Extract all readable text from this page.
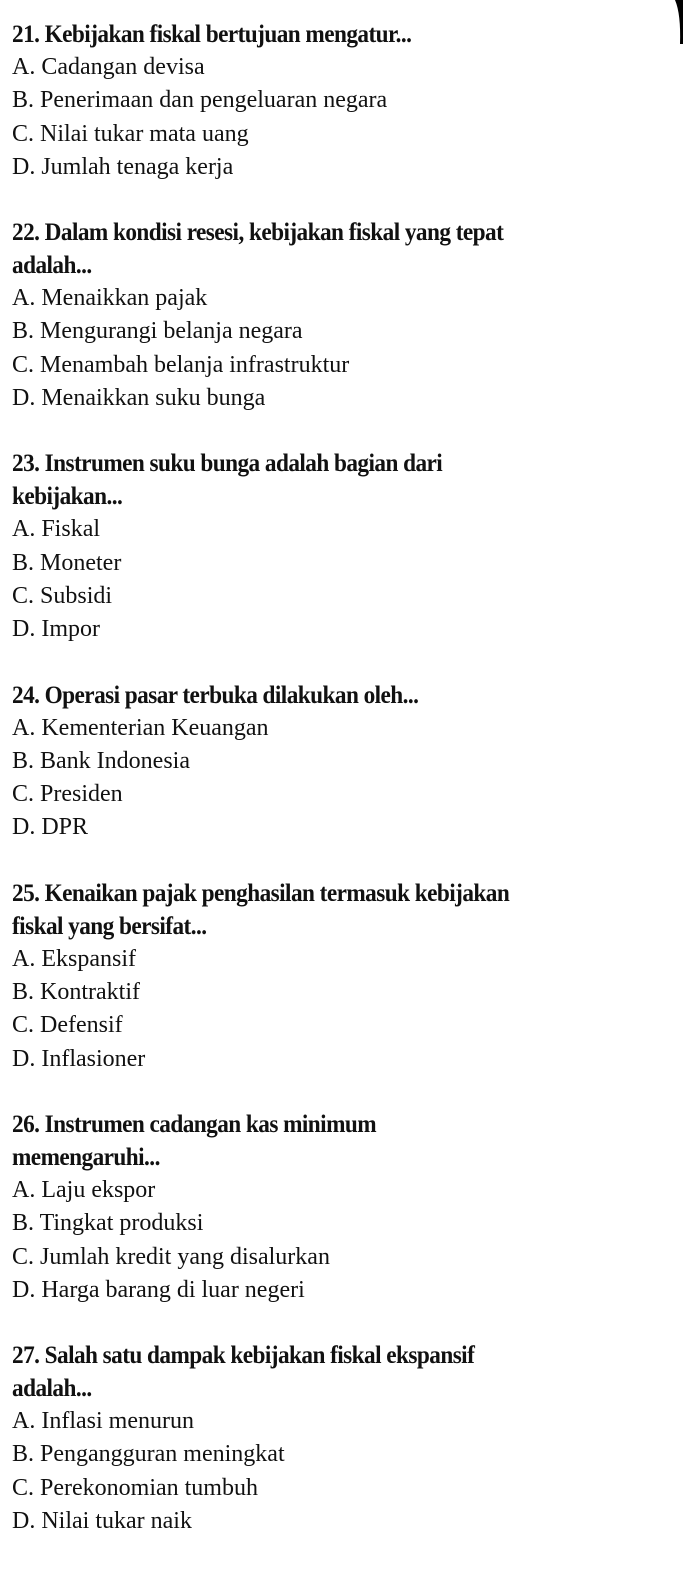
21. Kebijakan fiskal bertujuan mengatur...

A. Cadangan devisa
B. Penerimaan dan pengeluaran negara
C. Nilai tukar mata uang
D. Jumlah tenaga kerja

22. Dalam kondisi resesi, kebijakan fiskal yang tepat
adalah...

A. Menaikkan pajak
B. Mengurangi belanja negara
C. Menambah belanja infrastruktur
D. Menaikkan suku bunga

23. Instrumen suku bunga adalah bagian dari
kebijakan...

A. Fiskal
B. Moneter
C. Subsidi
D. Impor

24. Operasi pasar terbuka dilakukan oleh...

A. Kementerian Keuangan
B. Bank Indonesia
C. Presiden
D. DPR

25. Kenaikan pajak penghasilan termasuk kebijakan
fiskal yang bersifat...

A. Ekspansif
B. Kontraktif
C. Defensif
D. Inflasioner

26. Instrumen cadangan kas minimum
memengaruhi...

A. Laju ekspor
B. Tingkat produksi
C. Jumlah kredit yang disalurkan
D. Harga barang di luar negeri

27. Salah satu dampak kebijakan fiskal ekspansif
adalah...

A. Inflasi menurun
B. Pengangguran meningkat
C. Perekonomian tumbuh
D. Nilai tukar naik
